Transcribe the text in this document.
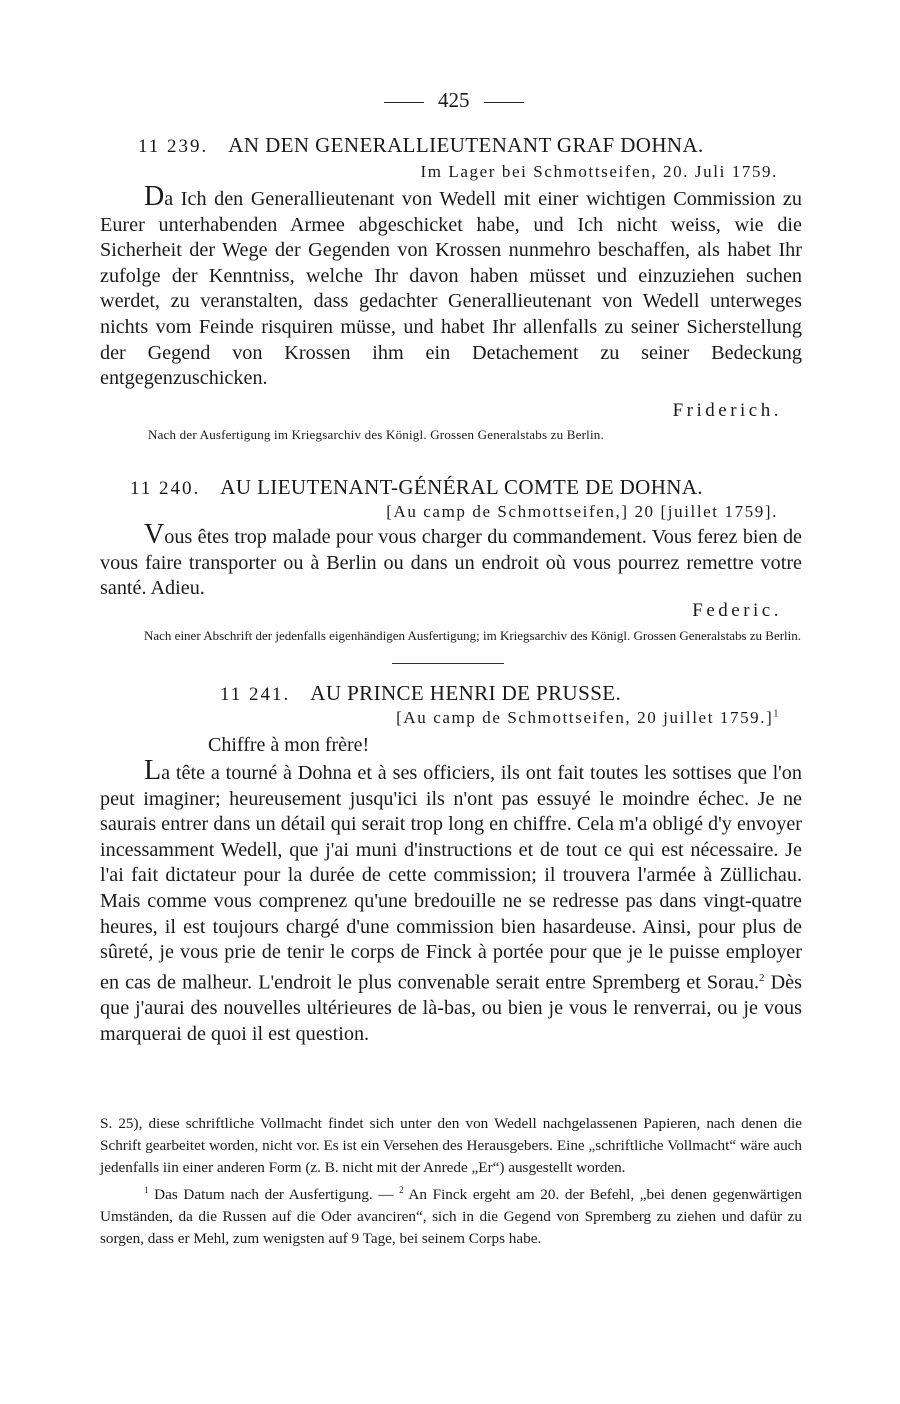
425
11 239. AN DEN GENERALLIEUTENANT GRAF DOHNA.
Im Lager bei Schmottseifen, 20. Juli 1759.
Da Ich den Generallieutenant von Wedell mit einer wichtigen Commission zu Eurer unterhabenden Armee abgeschicket habe, und Ich nicht weiss, wie die Sicherheit der Wege der Gegenden von Krossen nunmehro beschaffen, als habet Ihr zufolge der Kenntniss, welche Ihr davon haben müsset und einzuziehen suchen werdet, zu veranstalten, dass gedachter Generallieutenant von Wedell unterweges nichts vom Feinde risquiren müsse, und habet Ihr allenfalls zu seiner Sicherstellung der Gegend von Krossen ihm ein Detachement zu seiner Bedeckung entgegenzuschicken.
Friderich.
Nach der Ausfertigung im Kriegsarchiv des Königl. Grossen Generalstabs zu Berlin.
11 240. AU LIEUTENANT-GÉNÉRAL COMTE DE DOHNA.
[Au camp de Schmottseifen,] 20 [juillet 1759].
Vous êtes trop malade pour vous charger du commandement. Vous ferez bien de vous faire transporter ou à Berlin ou dans un endroit où vous pourrez remettre votre santé. Adieu.
Federic.
Nach einer Abschrift der jedenfalls eigenhändigen Ausfertigung; im Kriegsarchiv des Königl. Grossen Generalstabs zu Berlin.
11 241. AU PRINCE HENRI DE PRUSSE.
[Au camp de Schmottseifen, 20 juillet 1759.]$^1$
Chiffre à mon frère!
La tête a tourné à Dohna et à ses officiers, ils ont fait toutes les sottises que l'on peut imaginer; heureusement jusqu'ici ils n'ont pas essuyé le moindre échec. Je ne saurais entrer dans un détail qui serait trop long en chiffre. Cela m'a obligé d'y envoyer incessamment Wedell, que j'ai muni d'instructions et de tout ce qui est nécessaire. Je l'ai fait dictateur pour la durée de cette commission; il trouvera l'armée à Züllichau. Mais comme vous comprenez qu'une bredouille ne se redresse pas dans vingt-quatre heures, il est toujours chargé d'une commission bien hasardeuse. Ainsi, pour plus de sûreté, je vous prie de tenir le corps de Finck à portée pour que je le puisse employer en cas de malheur. L'endroit le plus convenable serait entre Spremberg et Sorau.$^2$ Dès que j'aurai des nouvelles ultérieures de là-bas, ou bien je vous le renverrai, ou je vous marquerai de quoi il est question.

S. 25), diese schriftliche Vollmacht findet sich unter den von Wedell nachgelassenen Papieren, nach denen die Schrift gearbeitet worden, nicht vor. Es ist ein Versehen des Herausgebers. Eine „schriftliche Vollmacht“ wäre auch jedenfalls iin einer anderen Form (z. B. nicht mit der Anrede „Er“) ausgestellt worden.

$^1$ Das Datum nach der Ausfertigung. — $^2$ An Finck ergeht am 20. der Befehl, „bei denen gegenwärtigen Umständen, da die Russen auf die Oder avanciren“, sich in die Gegend von Spremberg zu ziehen und dafür zu sorgen, dass er Mehl, zum wenigsten auf 9 Tage, bei seinem Corps habe.
